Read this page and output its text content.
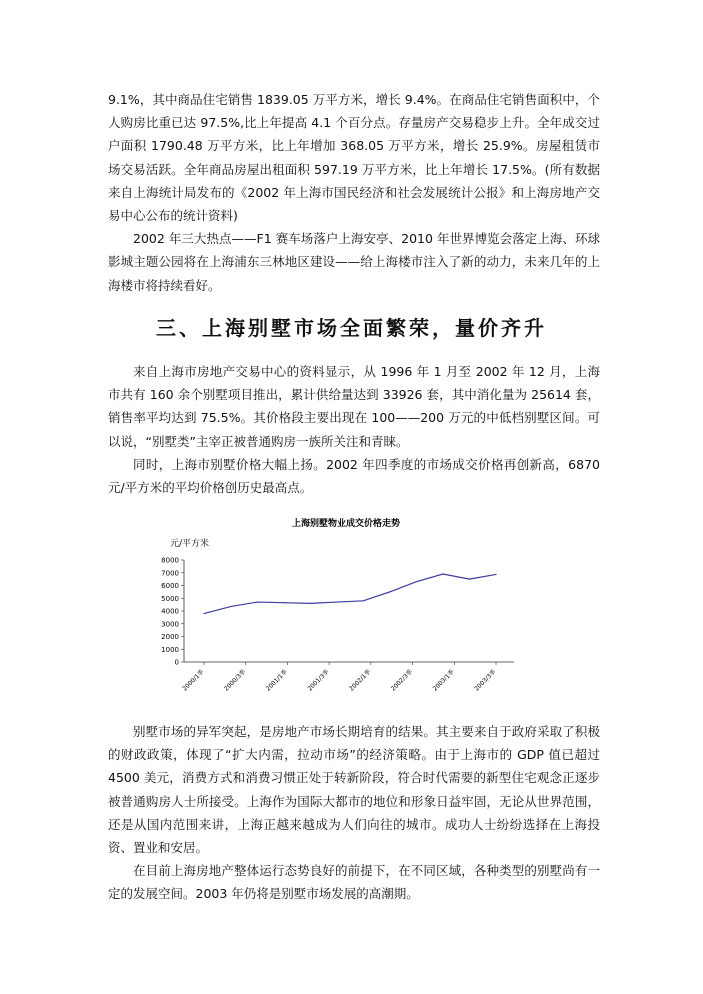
9.1%，其中商品住宅销售 1839.05 万平方米，增长 9.4%。在商品住宅销售面积中，个人购房比重已达 97.5%,比上年提高 4.1 个百分点。存量房产交易稳步上升。全年成交过户面积 1790.48 万平方米，比上年增加 368.05 万平方米，增长 25.9%。房屋租赁市场交易活跃。全年商品房屋出租面积 597.19 万平方米，比上年增长 17.5%。(所有数据来自上海统计局发布的《2002 年上海市国民经济和社会发展统计公报》和上海房地产交易中心公布的统计资料)

2002 年三大热点——F1 赛车场落户上海安亭、2010 年世界博览会落定上海、环球影城主题公园将在上海浦东三林地区建设——给上海楼市注入了新的动力，未来几年的上海楼市将持续看好。

三、上海别墅市场全面繁荣，量价齐升

来自上海市房地产交易中心的资料显示，从 1996 年 1 月至 2002 年 12 月，上海市共有 160 余个别墅项目推出，累计供给量达到 33926 套，其中消化量为 25614 套，销售率平均达到 75.5%。其价格段主要出现在 100——200 万元的中低档别墅区间。可以说，“别墅类”主宰正被普通购房一族所关注和青睐。

同时，上海市别墅价格大幅上扬。2002 年四季度的市场成交价格再创新高，6870 元/平方米的平均价格创历史最高点。

上海别墅物业成交价格走势
元/平方米
0
1000
2000
3000
4000
5000
6000
7000
8000
2000/1季	2000/3季	2001/1季	2001/3季	2002/1季	2002/3季	2003/1季	2003/3季

别墅市场的异军突起，是房地产市场长期培育的结果。其主要来自于政府采取了积极的财政政策，体现了“扩大内需，拉动市场”的经济策略。由于上海市的 GDP 值已超过 4500 美元，消费方式和消费习惯正处于转新阶段，符合时代需要的新型住宅观念正逐步被普通购房人士所接受。上海作为国际大都市的地位和形象日益牢固，无论从世界范围，还是从国内范围来讲，上海正越来越成为人们向往的城市。成功人士纷纷选择在上海投资、置业和安居。

在目前上海房地产整体运行态势良好的前提下，在不同区域，各种类型的别墅尚有一定的发展空间。2003 年仍将是别墅市场发展的高潮期。
